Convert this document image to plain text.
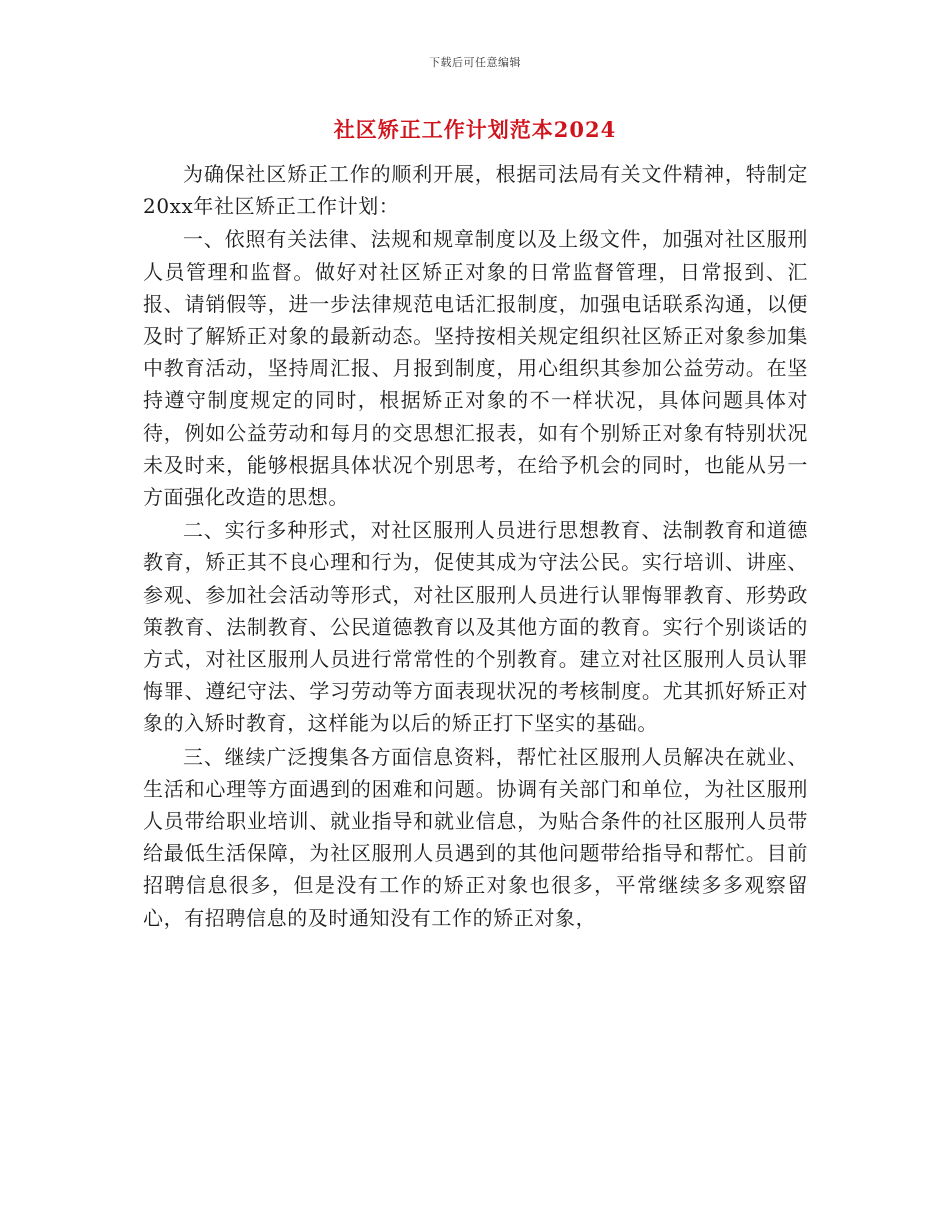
下载后可任意编辑
社区矫正工作计划范本2024

为确保社区矫正工作的顺利开展，根据司法局有关文件精神，特制定20xx年社区矫正工作计划：

一、依照有关法律、法规和规章制度以及上级文件，加强对社区服刑人员管理和监督。做好对社区矫正对象的日常监督管理，日常报到、汇报、请销假等，进一步法律规范电话汇报制度，加强电话联系沟通，以便及时了解矫正对象的最新动态。坚持按相关规定组织社区矫正对象参加集中教育活动，坚持周汇报、月报到制度，用心组织其参加公益劳动。在坚持遵守制度规定的同时，根据矫正对象的不一样状况，具体问题具体对待，例如公益劳动和每月的交思想汇报表，如有个别矫正对象有特别状况未及时来，能够根据具体状况个别思考，在给予机会的同时，也能从另一方面强化改造的思想。

二、实行多种形式，对社区服刑人员进行思想教育、法制教育和道德教育，矫正其不良心理和行为，促使其成为守法公民。实行培训、讲座、参观、参加社会活动等形式，对社区服刑人员进行认罪悔罪教育、形势政策教育、法制教育、公民道德教育以及其他方面的教育。实行个别谈话的方式，对社区服刑人员进行常常性的个别教育。建立对社区服刑人员认罪悔罪、遵纪守法、学习劳动等方面表现状况的考核制度。尤其抓好矫正对象的入矫时教育，这样能为以后的矫正打下坚实的基础。

三、继续广泛搜集各方面信息资料，帮忙社区服刑人员解决在就业、生活和心理等方面遇到的困难和问题。协调有关部门和单位，为社区服刑人员带给职业培训、就业指导和就业信息，为贴合条件的社区服刑人员带给最低生活保障，为社区服刑人员遇到的其他问题带给指导和帮忙。目前招聘信息很多，但是没有工作的矫正对象也很多，平常继续多多观察留心，有招聘信息的及时通知没有工作的矫正对象，
